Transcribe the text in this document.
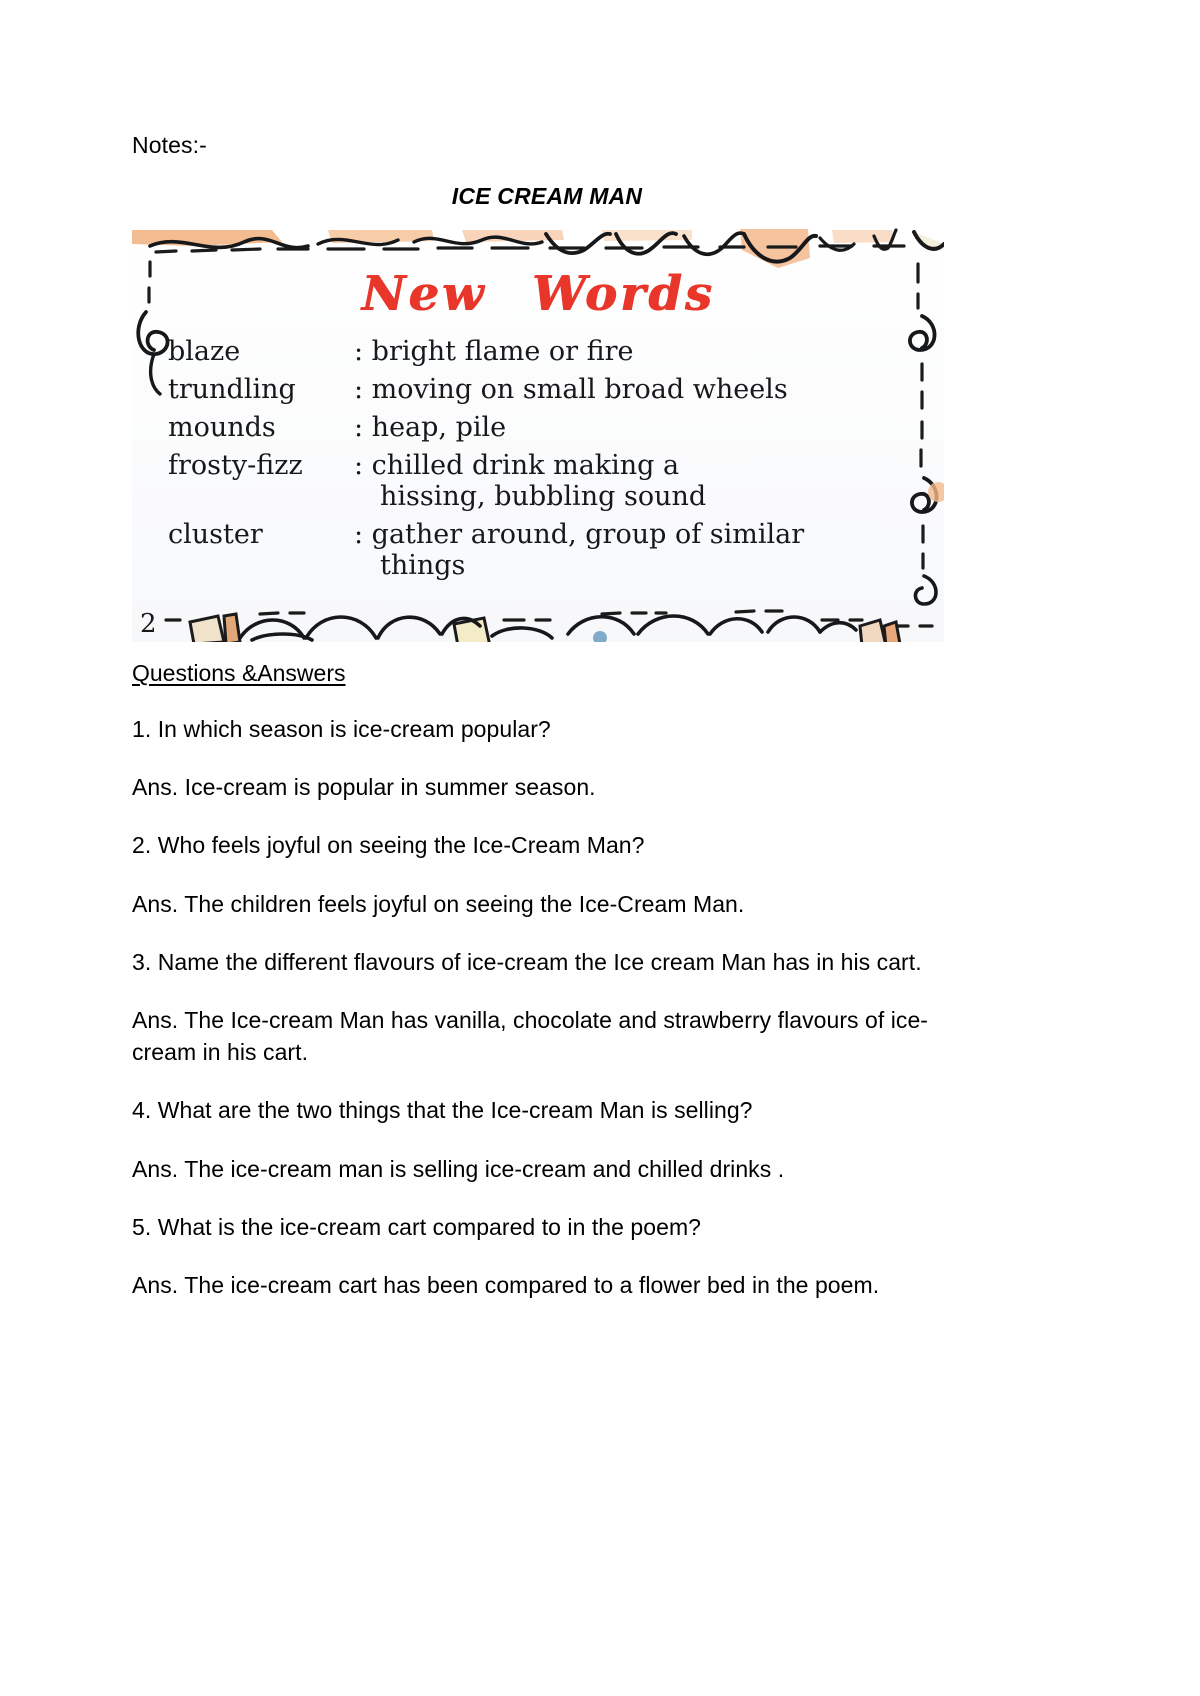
Notes:-
ICE CREAM MAN
2
New Words
blaze	: bright flame or fire
trundling	: moving on small broad wheels
mounds	: heap, pile
frosty-fizz	: chilled drink making a
hissing, bubbling sound
cluster	: gather around, group of similar
things
Questions &Answers
1. In which season is ice-cream popular?
Ans. Ice-cream is popular in summer season.
2. Who feels joyful on seeing the Ice-Cream Man?
Ans. The children feels joyful on seeing the Ice-Cream Man.
3. Name the different flavours of ice-cream the Ice cream Man has in his cart.
Ans. The Ice-cream Man has vanilla, chocolate and strawberry flavours of ice-cream in his cart.
4. What are the two things that the Ice-cream Man is selling?
Ans. The ice-cream man is selling ice-cream and chilled drinks .
5. What is the ice-cream cart compared to in the poem?
Ans. The ice-cream cart has been compared to a flower bed in the poem.
